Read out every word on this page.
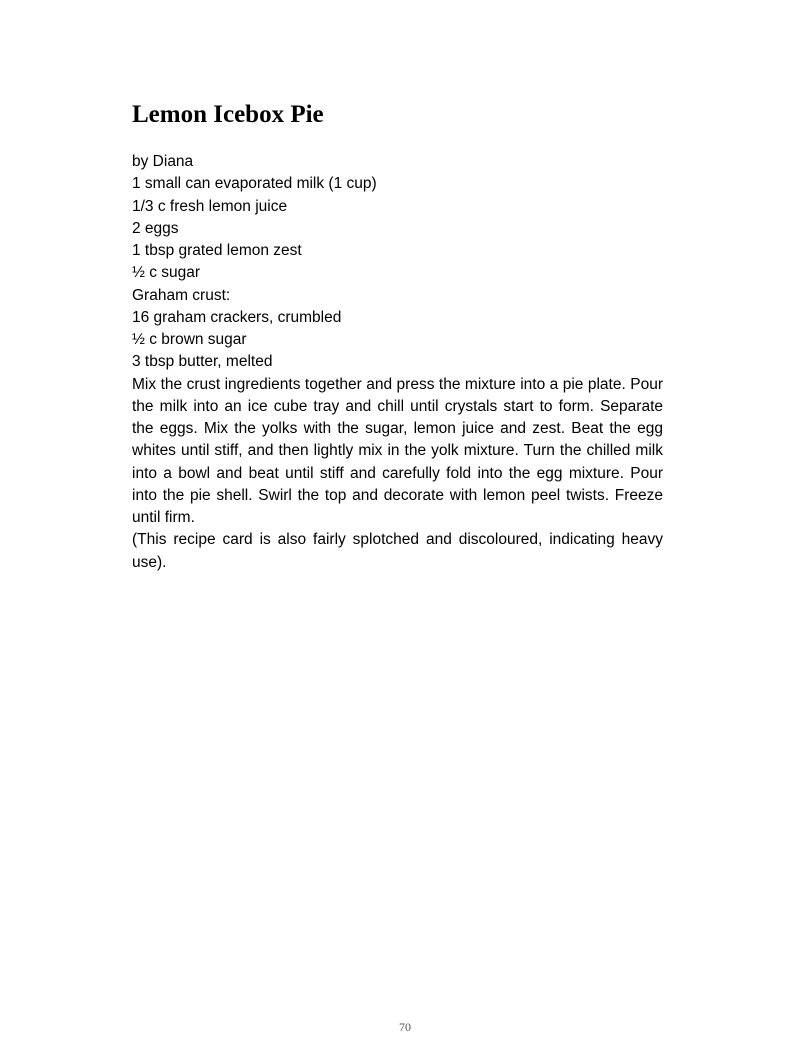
Lemon Icebox Pie
by Diana
1 small can evaporated milk (1 cup)
1/3 c fresh lemon juice
2 eggs
1 tbsp grated lemon zest
½ c sugar
Graham crust:
16 graham crackers, crumbled
½ c brown sugar
3 tbsp butter, melted

Mix the crust ingredients together and press the mixture into a pie plate. Pour the milk into an ice cube tray and chill until crystals start to form. Separate the eggs. Mix the yolks with the sugar, lemon juice and zest. Beat the egg whites until stiff, and then lightly mix in the yolk mixture. Turn the chilled milk into a bowl and beat until stiff and carefully fold into the egg mixture. Pour into the pie shell. Swirl the top and decorate with lemon peel twists. Freeze until firm.

(This recipe card is also fairly splotched and discoloured, indicating heavy use).

70
